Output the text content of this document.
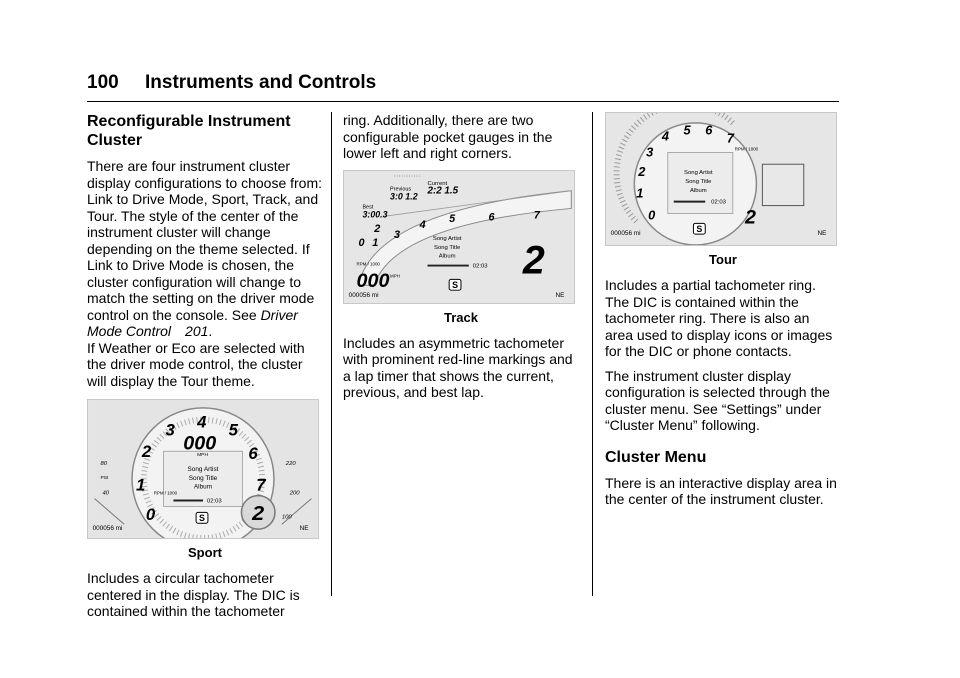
100 Instruments and Controls
Reconfigurable Instrument Cluster

There are four instrument cluster display configurations to choose from: Link to Drive Mode, Sport, Track, and Tour. The style of the center of the instrument cluster will change depending on the theme selected. If Link to Drive Mode is chosen, the cluster configuration will change to match the setting on the driver mode control on the console. See Driver Mode Control 201.

If Weather or Eco are selected with the driver mode control, the cluster will display the Tour theme.

0
1
2
3 4 5
6
7
000
MPH
Song Artist
Song Title
Album
RPM / 1000
02:03
S 2
80
PSI
40
220
200
100
000056 mi	NE
Sport

Includes a circular tachometer centered in the display. The DIC is contained within the tachometer

ring. Additionally, there are two configurable pocket gauges in the lower left and right corners.

• • • • • • • • • • •
Current
2:2 1.5
Previous
3:0 1.2
Best
3:00.3
0 1
2 3
4 5	6	7
RPM / 1000
000 MPH
Song Artist
Song Title
Album
02:03
S
2
000056 mi	NE
Track

Includes an asymmetric tachometer with prominent red-line markings and a lap timer that shows the current, previous, and best lap.

0
1
2
3
4 5 6
7
RPM / 1000
Song Artist
Song Title
Album
02:03
2
S
000056 mi	NE
Tour

Includes a partial tachometer ring. The DIC is contained within the tachometer ring. There is also an area used to display icons or images for the DIC or phone contacts.

The instrument cluster display configuration is selected through the cluster menu. See “Settings” under “Cluster Menu” following.

Cluster Menu

There is an interactive display area in the center of the instrument cluster.
